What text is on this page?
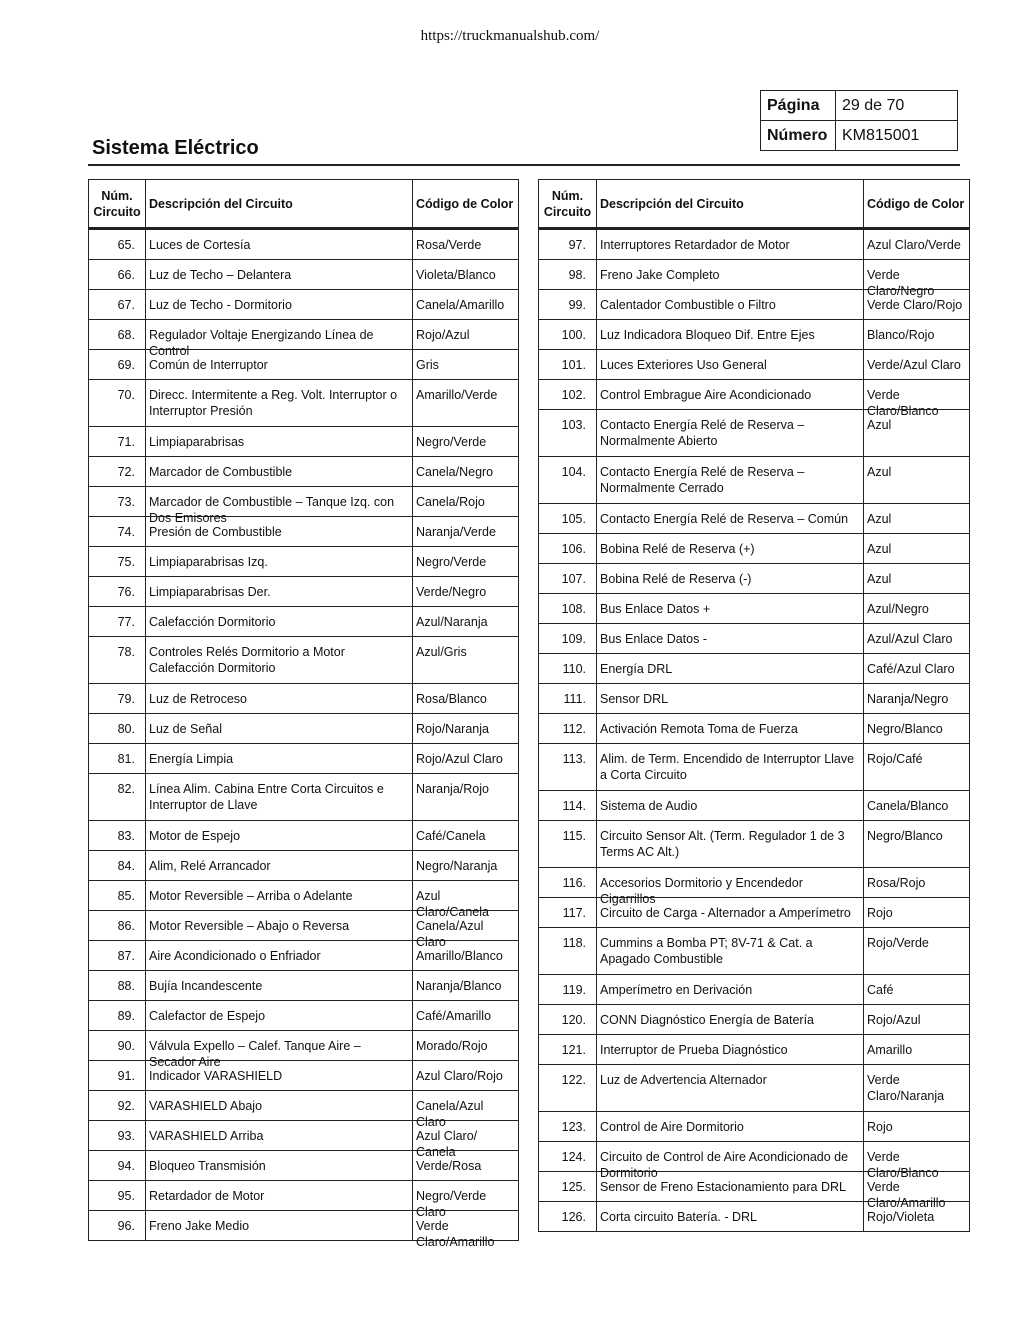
https://truckmanualshub.com/
Página	29 de 70
Número	KM815001
Sistema Eléctrico
Núm. Circuito	Descripción del Circuito	Código de Color

65.	Luces de Cortesía	Rosa/Verde

66.	Luz de Techo – Delantera	Violeta/Blanco

67.	Luz de Techo - Dormitorio	Canela/Amarillo

68.	Regulador Voltaje Energizando Línea de Control	Rojo/Azul

69.	Común de Interruptor	Gris

70.	Direcc. Intermitente a Reg. Volt. Interruptor o Interruptor Presión	Amarillo/Verde

71.	Limpiaparabrisas	Negro/Verde

72.	Marcador de Combustible	Canela/Negro

73.	Marcador de Combustible – Tanque Izq. con Dos Emisores	Canela/Rojo

74.	Presión de Combustible	Naranja/Verde

75.	Limpiaparabrisas Izq.	Negro/Verde

76.	Limpiaparabrisas Der.	Verde/Negro

77.	Calefacción Dormitorio	Azul/Naranja

78.	Controles Relés Dormitorio a Motor Calefacción Dormitorio	Azul/Gris

79.	Luz de Retroceso	Rosa/Blanco

80.	Luz de Señal	Rojo/Naranja

81.	Energía Limpia	Rojo/Azul Claro

82.	Línea Alim. Cabina Entre Corta Circuitos e Interruptor de Llave	Naranja/Rojo

83.	Motor de Espejo	Café/Canela

84.	Alim, Relé Arrancador	Negro/Naranja

85.	Motor Reversible – Arriba o Adelante	Azul Claro/Canela

86.	Motor Reversible – Abajo o Reversa	Canela/Azul Claro

87.	Aire Acondicionado o Enfriador	Amarillo/Blanco

88.	Bujía Incandescente	Naranja/Blanco

89.	Calefactor de Espejo	Café/Amarillo

90.	Válvula Expello – Calef. Tanque Aire – Secador Aire	Morado/Rojo

91.	Indicador VARASHIELD	Azul Claro/Rojo

92.	VARASHIELD Abajo	Canela/Azul Claro

93.	VARASHIELD Arriba	Azul Claro/ Canela

94.	Bloqueo Transmisión	Verde/Rosa

95.	Retardador de Motor	Negro/Verde Claro

96.	Freno Jake Medio	Verde Claro/Amarillo
Núm. Circuito	Descripción del Circuito	Código de Color

97.	Interruptores Retardador de Motor	Azul Claro/Verde

98.	Freno Jake Completo	Verde Claro/Negro

99.	Calentador Combustible o Filtro	Verde Claro/Rojo

100.	Luz Indicadora Bloqueo Dif. Entre Ejes	Blanco/Rojo

101.	Luces Exteriores Uso General	Verde/Azul Claro

102.	Control Embrague Aire Acondicionado	Verde Claro/Blanco

103.	Contacto Energía Relé de Reserva – Normalmente Abierto	Azul

104.	Contacto Energía Relé de Reserva – Normalmente Cerrado	Azul

105.	Contacto Energía Relé de Reserva – Común	Azul

106.	Bobina Relé de Reserva (+)	Azul

107.	Bobina Relé de Reserva (-)	Azul

108.	Bus Enlace Datos +	Azul/Negro

109.	Bus Enlace Datos -	Azul/Azul Claro

110.	Energía DRL	Café/Azul Claro

111.	Sensor DRL	Naranja/Negro

112.	Activación Remota Toma de Fuerza	Negro/Blanco

113.	Alim. de Term. Encendido de Interruptor Llave a Corta Circuito	Rojo/Café

114.	Sistema de Audio	Canela/Blanco

115.	Circuito Sensor Alt. (Term. Regulador 1 de 3 Terms AC Alt.)	Negro/Blanco

116.	Accesorios Dormitorio y Encendedor Cigarrillos	Rosa/Rojo

117.	Circuito de Carga - Alternador a Amperímetro	Rojo

118.	Cummins a Bomba PT; 8V-71 & Cat. a Apagado Combustible	Rojo/Verde

119.	Amperímetro en Derivación	Café

120.	CONN Diagnóstico Energía de Batería	Rojo/Azul

121.	Interruptor de Prueba Diagnóstico	Amarillo

122.	Luz de Advertencia Alternador	Verde Claro/Naranja

123.	Control de Aire Dormitorio	Rojo

124.	Circuito de Control de Aire Acondicionado de Dormitorio	Verde Claro/Blanco

125.	Sensor de Freno Estacionamiento para DRL	Verde Claro/Amarillo

126.	Corta circuito Batería. - DRL	Rojo/Violeta
